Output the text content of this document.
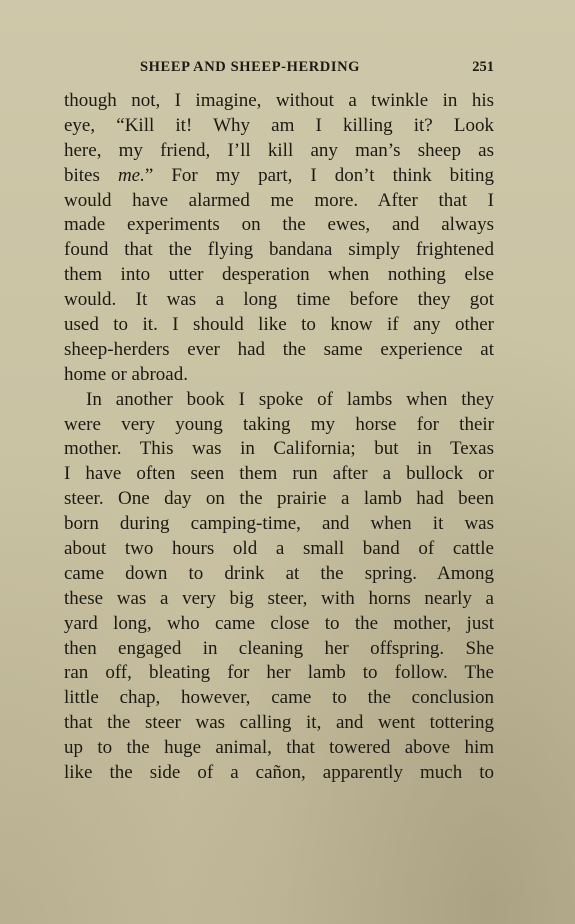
SHEEP AND SHEEP-HERDING	251
though not, I imagine, without a twinkle in his
eye, “Kill it! Why am I killing it? Look
here, my friend, I’ll kill any man’s sheep as
bites me.” For my part, I don’t think biting
would have alarmed me more. After that I
made experiments on the ewes, and always
found that the flying bandana simply frightened
them into utter desperation when nothing else
would. It was a long time before they got
used to it. I should like to know if any other
sheep-herders ever had the same experience at
home or abroad.
In another book I spoke of lambs when they
were very young taking my horse for their
mother. This was in California; but in Texas
I have often seen them run after a bullock or
steer. One day on the prairie a lamb had been
born during camping-time, and when it was
about two hours old a small band of cattle
came down to drink at the spring. Among
these was a very big steer, with horns nearly a
yard long, who came close to the mother, just
then engaged in cleaning her offspring. She
ran off, bleating for her lamb to follow. The
little chap, however, came to the conclusion
that the steer was calling it, and went tottering
up to the huge animal, that towered above him
like the side of a cañon, apparently much to
